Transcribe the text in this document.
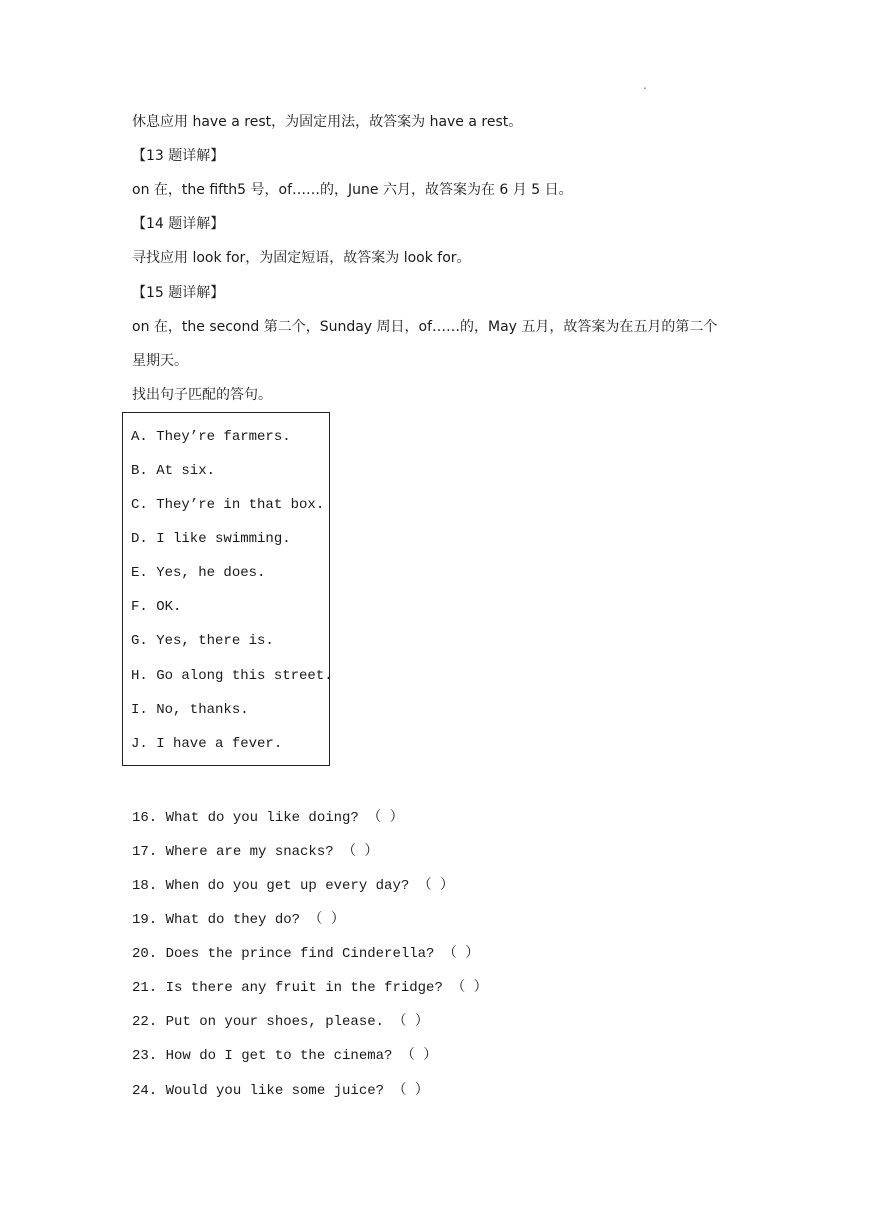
.
休息应用 have a rest，为固定用法，故答案为 have a rest。
【13 题详解】
on 在，the fifth5 号，of……的，June 六月，故答案为在 6 月 5 日。
【14 题详解】
寻找应用 look for，为固定短语，故答案为 look for。
【15 题详解】
on 在，the second 第二个，Sunday 周日，of……的，May 五月，故答案为在五月的第二个
星期天。
找出句子匹配的答句。
A. They’re farmers.
B. At six.
C. They’re in that box.
D. I like swimming.
E. Yes, he does.
F. OK.
G. Yes, there is.
H. Go along this street.
I. No, thanks.
J. I have a fever.
16. What do you like doing? （ ）
17. Where are my snacks? （ ）
18. When do you get up every day? （ ）
19. What do they do? （ ）
20. Does the prince find Cinderella? （ ）
21. Is there any fruit in the fridge? （ ）
22. Put on your shoes, please. （ ）
23. How do I get to the cinema? （ ）
24. Would you like some juice? （ ）
